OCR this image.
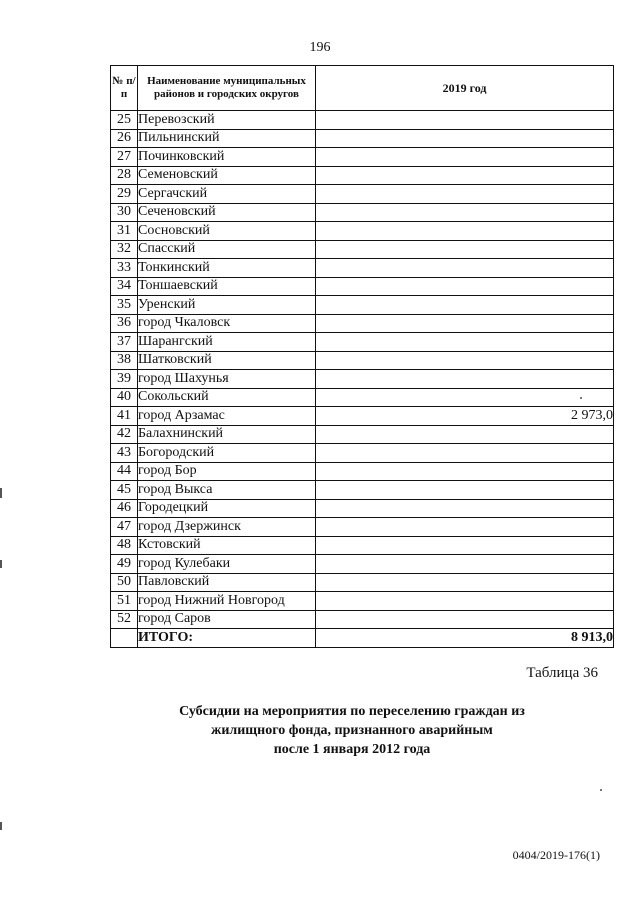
196
№ п/п	Наименование муниципальных районов и городских округов	2019 год
25	Перевозский	
26	Пильнинский	
27	Починковский	
28	Семеновский	
29	Сергачский	
30	Сеченовский	
31	Сосновский	
32	Спасский	
33	Тонкинский	
34	Тоншаевский	
35	Уренский	
36	город Чкаловск	
37	Шарангский	
38	Шатковский	
39	город Шахунья	
40	Сокольский	
41	город Арзамас	2 973,0
42	Балахнинский	
43	Богородский	
44	город Бор	
45	город Выкса	
46	Городецкий	
47	город Дзержинск	
48	Кстовский	
49	город Кулебаки	
50	Павловский	
51	город Нижний Новгород	
52	город Саров	
	ИТОГО:	8 913,0
Таблица 36
Субсидии на мероприятия по переселению граждан из
жилищного фонда, признанного аварийным
после 1 января 2012 года
0404/2019-176(1)
